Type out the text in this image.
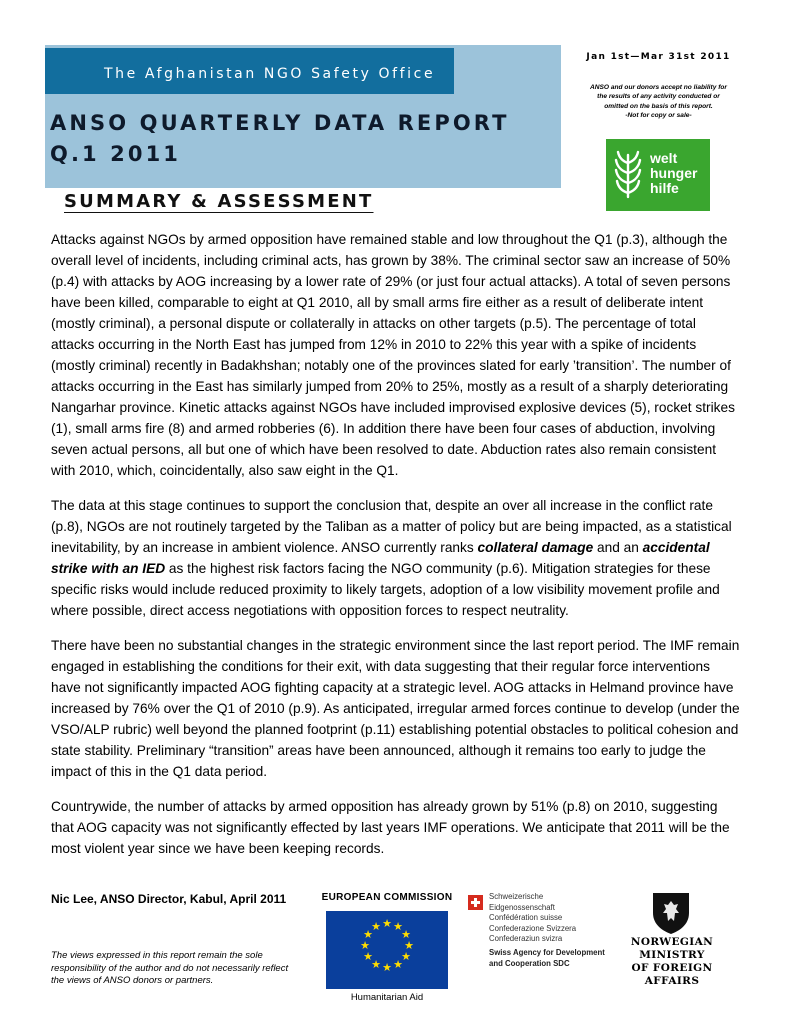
The Afghanistan NGO Safety Office
ANSO QUARTERLY DATA REPORT
Q.1 2011
Jan 1st—Mar 31st 2011
ANSO and our donors accept no liability for
the results of any activity conducted or
omitted on the basis of this report.
-Not for copy or sale-
welt
hunger
hilfe
SUMMARY & ASSESSMENT

Attacks against NGOs by armed opposition have remained stable and low throughout the Q1 (p.3), although the overall level of incidents, including criminal acts, has grown by 38%. The criminal sector saw an increase of 50% (p.4) with attacks by AOG increasing by a lower rate of 29% (or just four actual attacks). A total of seven persons have been killed, comparable to eight at Q1 2010, all by small arms fire either as a result of deliberate intent (mostly criminal), a personal dispute or collaterally in attacks on other targets (p.5). The percentage of total attacks occurring in the North East has jumped from 12% in 2010 to 22% this year with a spike of incidents (mostly criminal) recently in Badakhshan; notably one of the provinces slated for early ’transition’. The number of attacks occurring in the East has similarly jumped from 20% to 25%, mostly as a result of a sharply deteriorating Nangarhar province. Kinetic attacks against NGOs have included improvised explosive devices (5), rocket strikes (1), small arms fire (8) and armed robberies (6). In addition there have been four cases of abduction, involving seven actual persons, all but one of which have been resolved to date. Abduction rates also remain consistent with 2010, which, coincidentally, also saw eight in the Q1.

The data at this stage continues to support the conclusion that, despite an over all increase in the conflict rate (p.8), NGOs are not routinely targeted by the Taliban as a matter of policy but are being impacted, as a statistical inevitability, by an increase in ambient violence. ANSO currently ranks collateral damage and an accidental strike with an IED as the highest risk factors facing the NGO community (p.6). Mitigation strategies for these specific risks would include reduced proximity to likely targets, adoption of a low visibility movement profile and where possible, direct access negotiations with opposition forces to respect neutrality.

There have been no substantial changes in the strategic environment since the last report period. The IMF remain engaged in establishing the conditions for their exit, with data suggesting that their regular force interventions have not significantly impacted AOG fighting capacity at a strategic level. AOG attacks in Helmand province have increased by 76% over the Q1 of 2010 (p.9). As anticipated, irregular armed forces continue to develop (under the VSO/ALP rubric) well beyond the planned footprint (p.11) establishing potential obstacles to political cohesion and state stability. Preliminary “transition” areas have been announced, although it remains too early to judge the impact of this in the Q1 data period.

Countrywide, the number of attacks by armed opposition has already grown by 51% (p.8) on 2010, suggesting that AOG capacity was not significantly effected by last years IMF operations. We anticipate that 2011 will be the most violent year since we have been keeping records.

Nic Lee, ANSO Director, Kabul, April 2011
The views expressed in this report remain the sole responsibility of the author and do not necessarily reflect the views of ANSO donors or partners.
EUROPEAN COMMISSION
★ ★
★
★
★
★
★
★
★
★
★
★
Humanitarian Aid
Schweizerische Eidgenossenschaft
Confédération suisse
Confederazione Svizzera
Confederaziun svizra
Swiss Agency for Development
and Cooperation SDC
NORWEGIAN MINISTRY
OF FOREIGN AFFAIRS
